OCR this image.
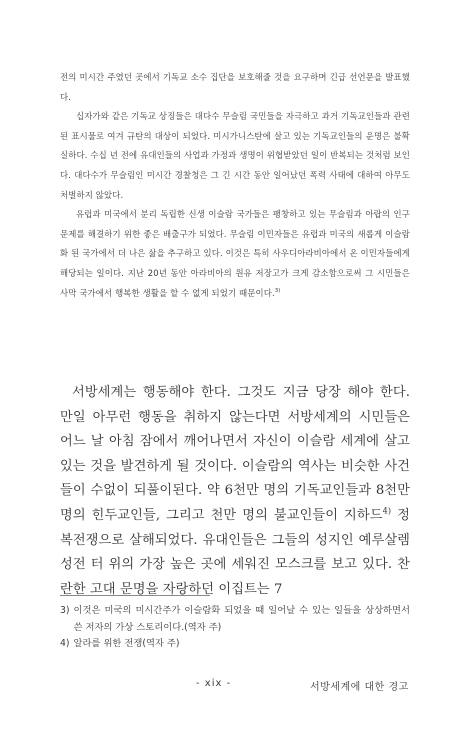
전의 미시간 주였던 곳에서 기독교 소수 집단을 보호해줄 것을 요구하며 긴급 선언문을 발표했다.

십자가와 같은 기독교 상징들은 대다수 무슬림 국민들을 자극하고 과거 기독교인들과 관련된 표시물로 여겨 규탄의 대상이 되었다. 미시가니스탄에 살고 있는 기독교인들의 운명은 불확실하다. 수십 년 전에 유대인들의 사업과 가정과 생명이 위협받았던 일이 반복되는 것처럼 보인다. 대다수가 무슬림인 미시간 경찰청은 그 긴 시간 동안 일어났던 폭력 사태에 대하여 아무도 처벌하지 않았다.

유럽과 미국에서 분리 독립한 신생 이슬람 국가들은 팽창하고 있는 무슬림과 아랍의 인구문제를 해결하기 위한 좋은 배출구가 되었다. 무슬림 이민자들은 유럽과 미국의 새롭게 이슬람화 된 국가에서 더 나은 삶을 추구하고 있다. 이것은 특히 사우디아라비아에서 온 이민자들에게 해당되는 일이다. 지난 20년 동안 아라비아의 원유 저장고가 크게 감소함으로써 그 시민들은 사막 국가에서 행복한 생활을 할 수 없게 되었기 때문이다.$^{3)}$

서방세계는 행동해야 한다. 그것도 지금 당장 해야 한다. 만일 아무런 행동을 취하지 않는다면 서방세계의 시민들은 어느 날 아침 잠에서 깨어나면서 자신이 이슬람 세계에 살고 있는 것을 발견하게 될 것이다. 이슬람의 역사는 비슷한 사건들이 수없이 되풀이된다. 약 6천만 명의 기독교인들과 8천만 명의 힌두교인들, 그리고 천만 명의 불교인들이 지하드$^{4)}$ 정복전쟁으로 살해되었다. 유대인들은 그들의 성지인 예루살렘 성전 터 위의 가장 높은 곳에 세워진 모스크를 보고 있다. 찬란한 고대 문명을 자랑하던 이집트는 7

3) 이것은 미국의 미시간주가 이슬람화 되었을 때 일어날 수 있는 일들을 상상하면서 쓴 저자의 가상 스토리이다.(역자 주)
4) 알라를 위한 전쟁(역자 주)
- xix -	서방세계에 대한 경고
